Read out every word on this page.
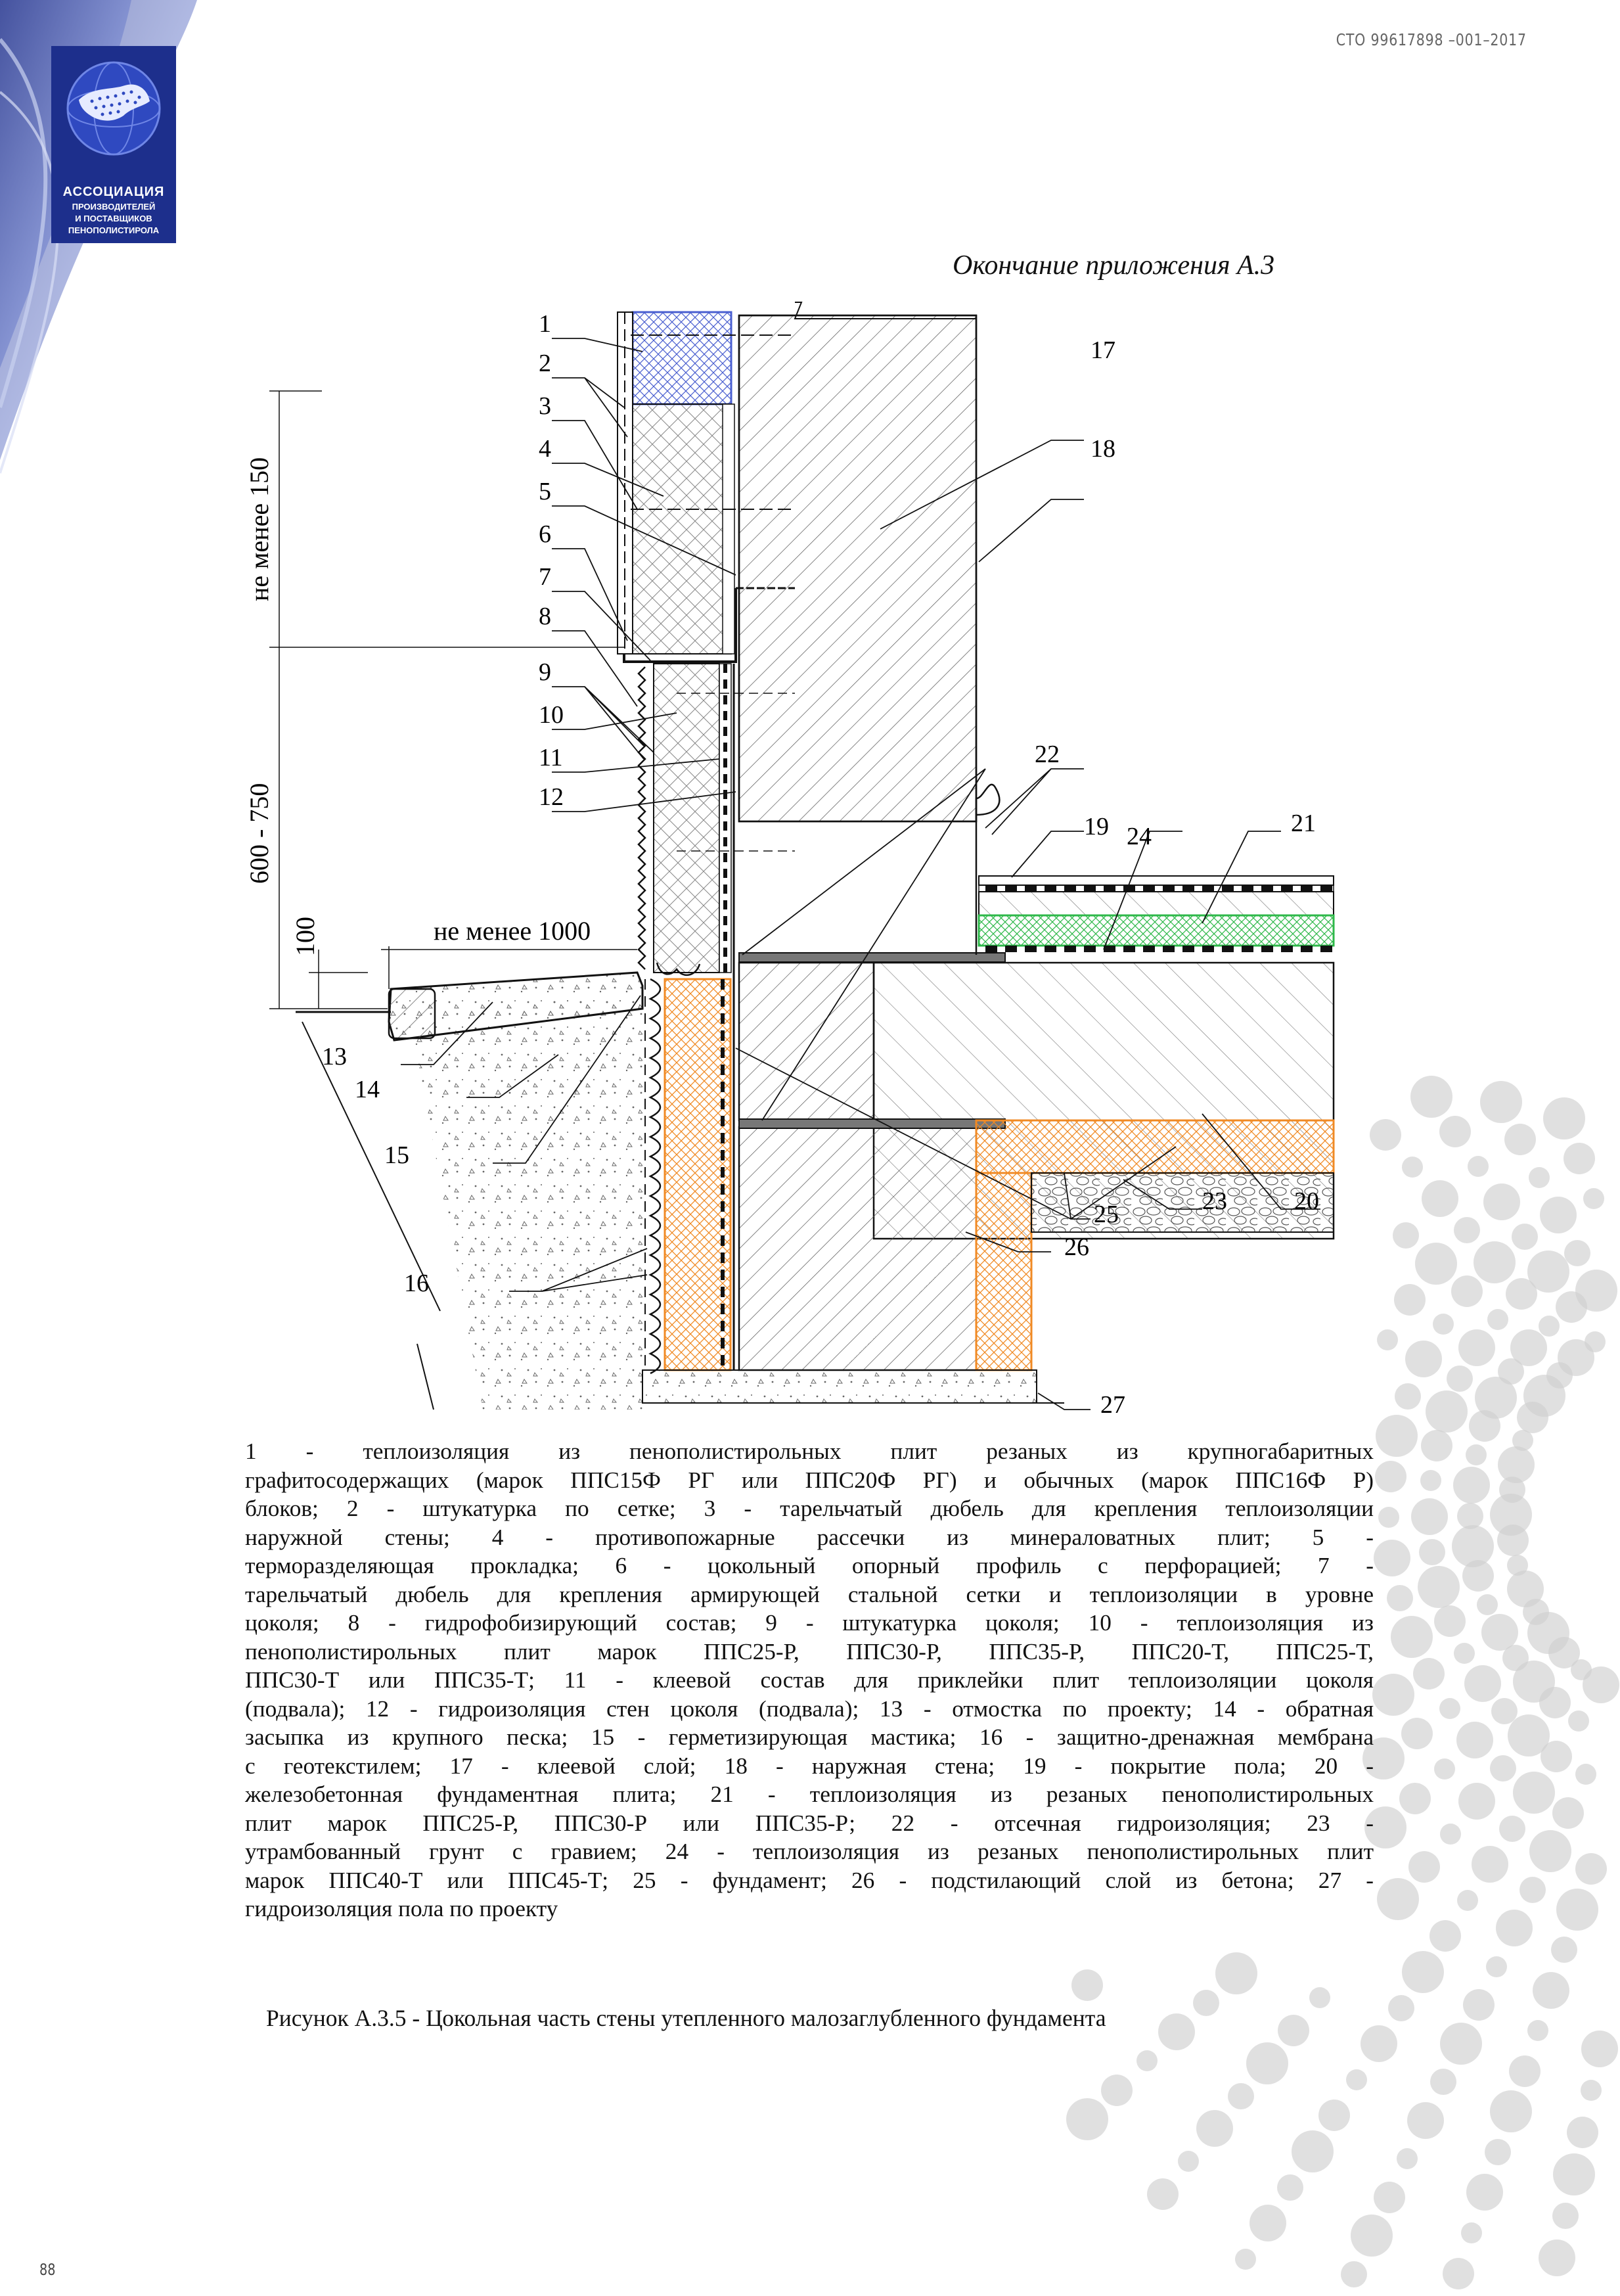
АССОЦИАЦИЯ
ПРОИЗВОДИТЕЛЕЙ
И ПОСТАВЩИКОВ
ПЕНОПОЛИСТИРОЛА
СТО 99617898 –001–2017
Окончание приложения А.3
не менее 150
600 - 750
100	не менее 1000
1
2
3
4
5
6
7
8
9
10
11
12
13
14
15
16
17
18
19
20
21
22
23
24
25
26
27
1 - теплоизоляция из пенополистирольных плит резаных из крупногабаритных
графитосодержащих (марок ППС15Ф РГ или ППС20Ф РГ) и обычных (марок ППС16Ф Р)
блоков; 2 - штукатурка по сетке; 3 - тарельчатый дюбель для крепления теплоизоляции
наружной стены; 4 - противопожарные рассечки из минераловатных плит; 5 -
терморазделяющая прокладка; 6 - цокольный опорный профиль с перфорацией; 7 -
тарельчатый дюбель для крепления армирующей стальной сетки и теплоизоляции в уровне
цоколя; 8 - гидрофобизирующий состав; 9 - штукатурка цоколя; 10 - теплоизоляция из
пенополистирольных плит марок ППС25-Р, ППС30-Р, ППС35-Р, ППС20-Т, ППС25-Т,
ППС30-Т или ППС35-Т; 11 - клеевой состав для приклейки плит теплоизоляции цоколя
(подвала); 12 - гидроизоляция стен цоколя (подвала); 13 - отмостка по проекту; 14 - обратная
засыпка из крупного песка; 15 - герметизирующая мастика; 16 - защитно-дренажная мембрана
с геотекстилем; 17 - клеевой слой; 18 - наружная стена; 19 - покрытие пола; 20 -
железобетонная фундаментная плита; 21 - теплоизоляция из резаных пенополистирольных
плит марок ППС25-Р, ППС30-Р или ППС35-Р; 22 - отсечная гидроизоляция; 23 -
утрамбованный грунт с гравием; 24 - теплоизоляция из резаных пенополистирольных плит
марок ППС40-Т или ППС45-Т; 25 - фундамент; 26 - подстилающий слой из бетона; 27 -
гидроизоляция пола по проекту
Рисунок А.3.5 - Цокольная часть стены утепленного малозаглубленного фундамента
88
